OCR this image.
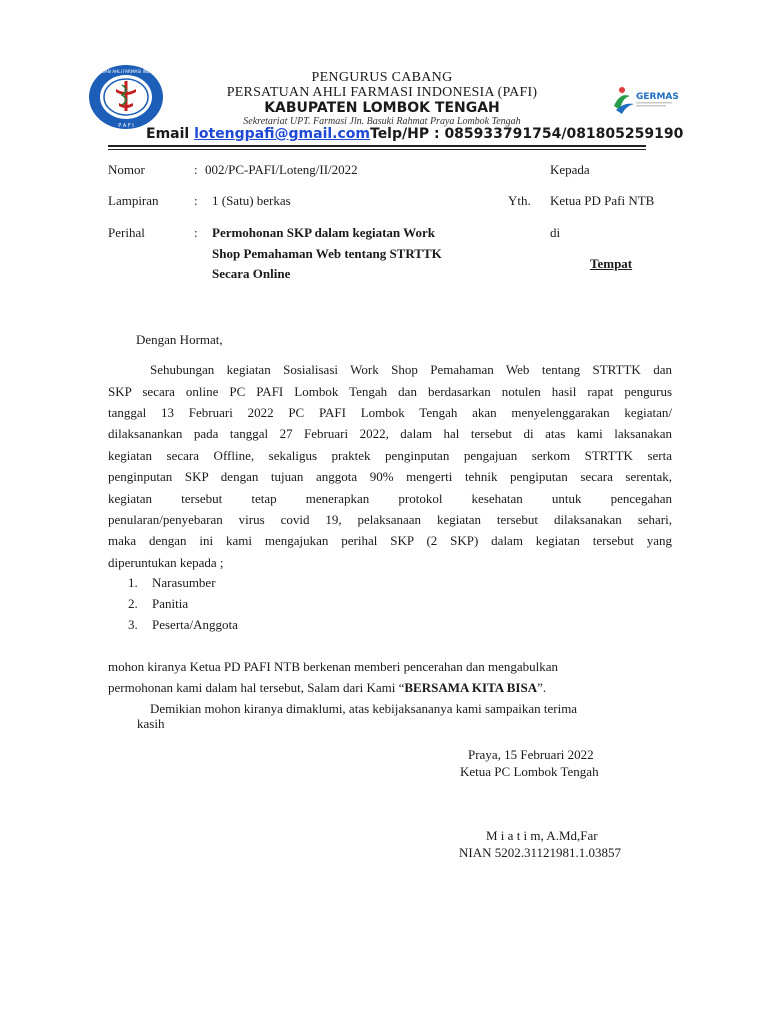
P A F I
PERSATUAN AHLI FARMASI INDONESIA
GERMAS
PENGURUS CABANG
PERSATUAN AHLI FARMASI INDONESIA (PAFI)
KABUPATEN LOMBOK TENGAH
Sekretariat UPT. Farmasi Jln. Basuki Rahmat Praya Lombok Tengah
Email lotengpafi@gmail.comTelp/HP : 085933791754/081805259190
Nomor	: 002/PC-PAFI/Loteng/II/2022
Lampiran	: 1 (Satu) berkas
Perihal	: Permohonan SKP dalam kegiatan Work
Shop Pemahaman Web tentang STRTTK
Secara Online
Kepada
Yth. Ketua PD Pafi NTB
di
Tempat
Dengan Hormat,
Sehubungan kegiatan Sosialisasi Work Shop Pemahaman Web tentang STRTTK dan
SKP secara online PC PAFI Lombok Tengah dan berdasarkan notulen hasil rapat pengurus
tanggal 13 Februari 2022 PC PAFI Lombok Tengah akan menyelenggarakan kegiatan/
dilaksanankan pada tanggal 27 Februari 2022, dalam hal tersebut di atas kami laksanakan
kegiatan secara Offline, sekaligus praktek penginputan pengajuan serkom STRTTK serta
penginputan SKP dengan tujuan anggota 90% mengerti tehnik pengiputan secara serentak,
kegiatan tersebut tetap menerapkan protokol kesehatan untuk pencegahan
penularan/penyebaran virus covid 19, pelaksanaan kegiatan tersebut dilaksanakan sehari,
maka dengan ini kami mengajukan perihal SKP (2 SKP) dalam kegiatan tersebut yang
diperuntukan kepada ;
1. Narasumber
2. Panitia
3. Peserta/Anggota
mohon kiranya Ketua PD PAFI NTB berkenan memberi pencerahan dan mengabulkan
permohonan kami dalam hal tersebut, Salam dari Kami “BERSAMA KITA BISA”.
Demikian mohon kiranya dimaklumi, atas kebijaksananya kami sampaikan terima
kasih
Praya, 15 Februari 2022
Ketua PC Lombok Tengah
M i a t i m, A.Md,Far
NIAN 5202.31121981.1.03857
